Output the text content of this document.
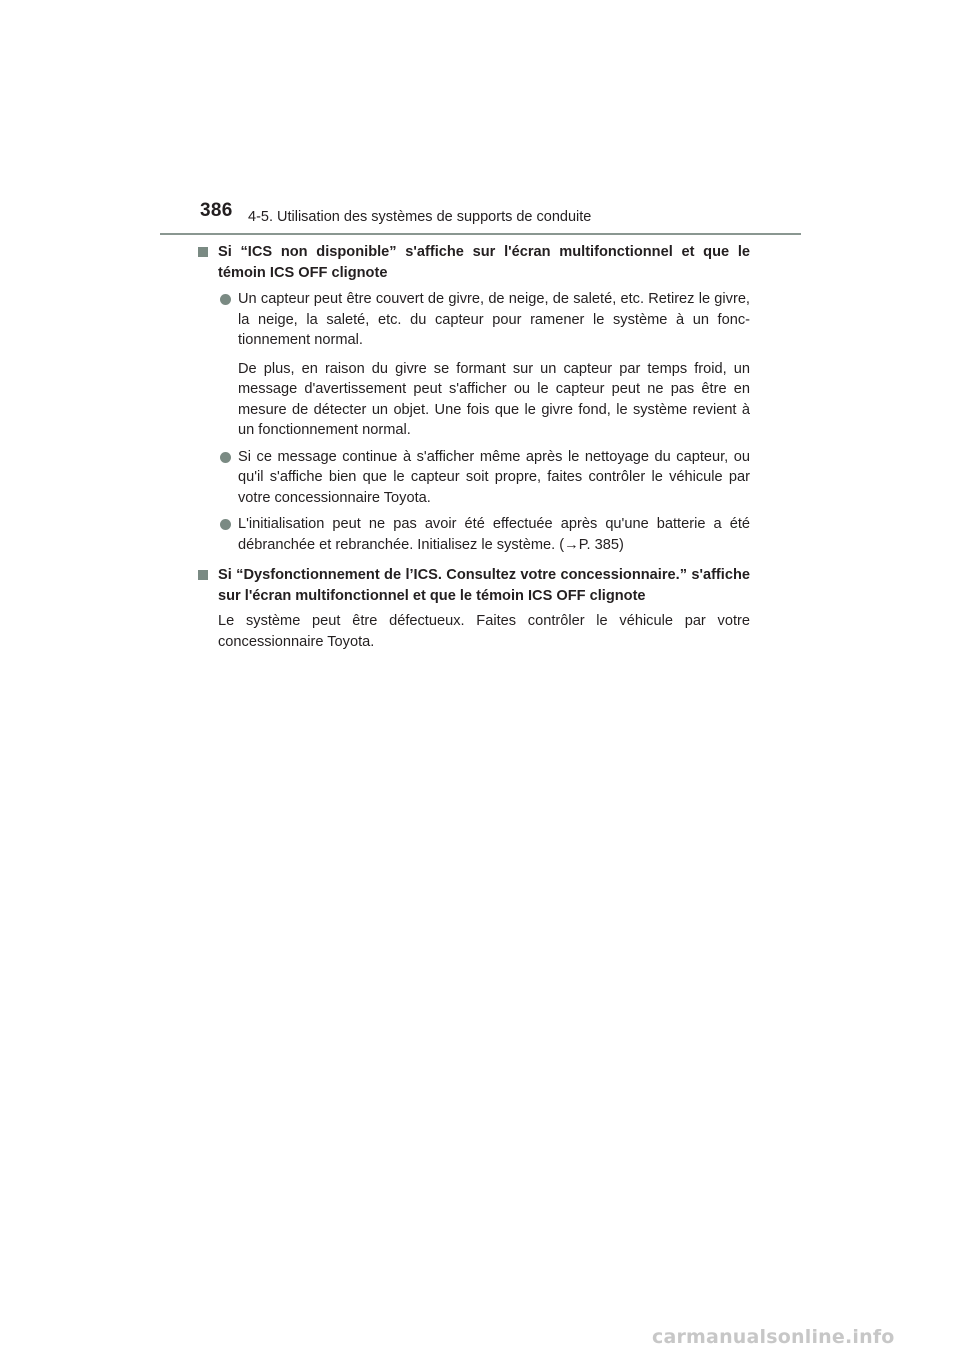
386 4-5. Utilisation des systèmes de supports de conduite
Si “ICS non disponible” s'affiche sur l'écran multifonctionnel et que le témoin ICS OFF clignote

Un capteur peut être couvert de givre, de neige, de saleté, etc. Retirez le givre, la neige, la saleté, etc. du capteur pour ramener le système à un fonc-tionnement normal.

De plus, en raison du givre se formant sur un capteur par temps froid, un message d'avertissement peut s'afficher ou le capteur peut ne pas être en mesure de détecter un objet. Une fois que le givre fond, le système revient à un fonctionnement normal.

Si ce message continue à s'afficher même après le nettoyage du capteur, ou qu'il s'affiche bien que le capteur soit propre, faites contrôler le véhicule par votre concessionnaire Toyota.

L'initialisation peut ne pas avoir été effectuée après qu'une batterie a été débranchée et rebranchée. Initialisez le système. (→P. 385)

Si “Dysfonctionnement de l’ICS. Consultez votre concessionnaire.” s'affiche sur l'écran multifonctionnel et que le témoin ICS OFF clignote

Le système peut être défectueux. Faites contrôler le véhicule par votre concessionnaire Toyota.

carmanualsonline.info
